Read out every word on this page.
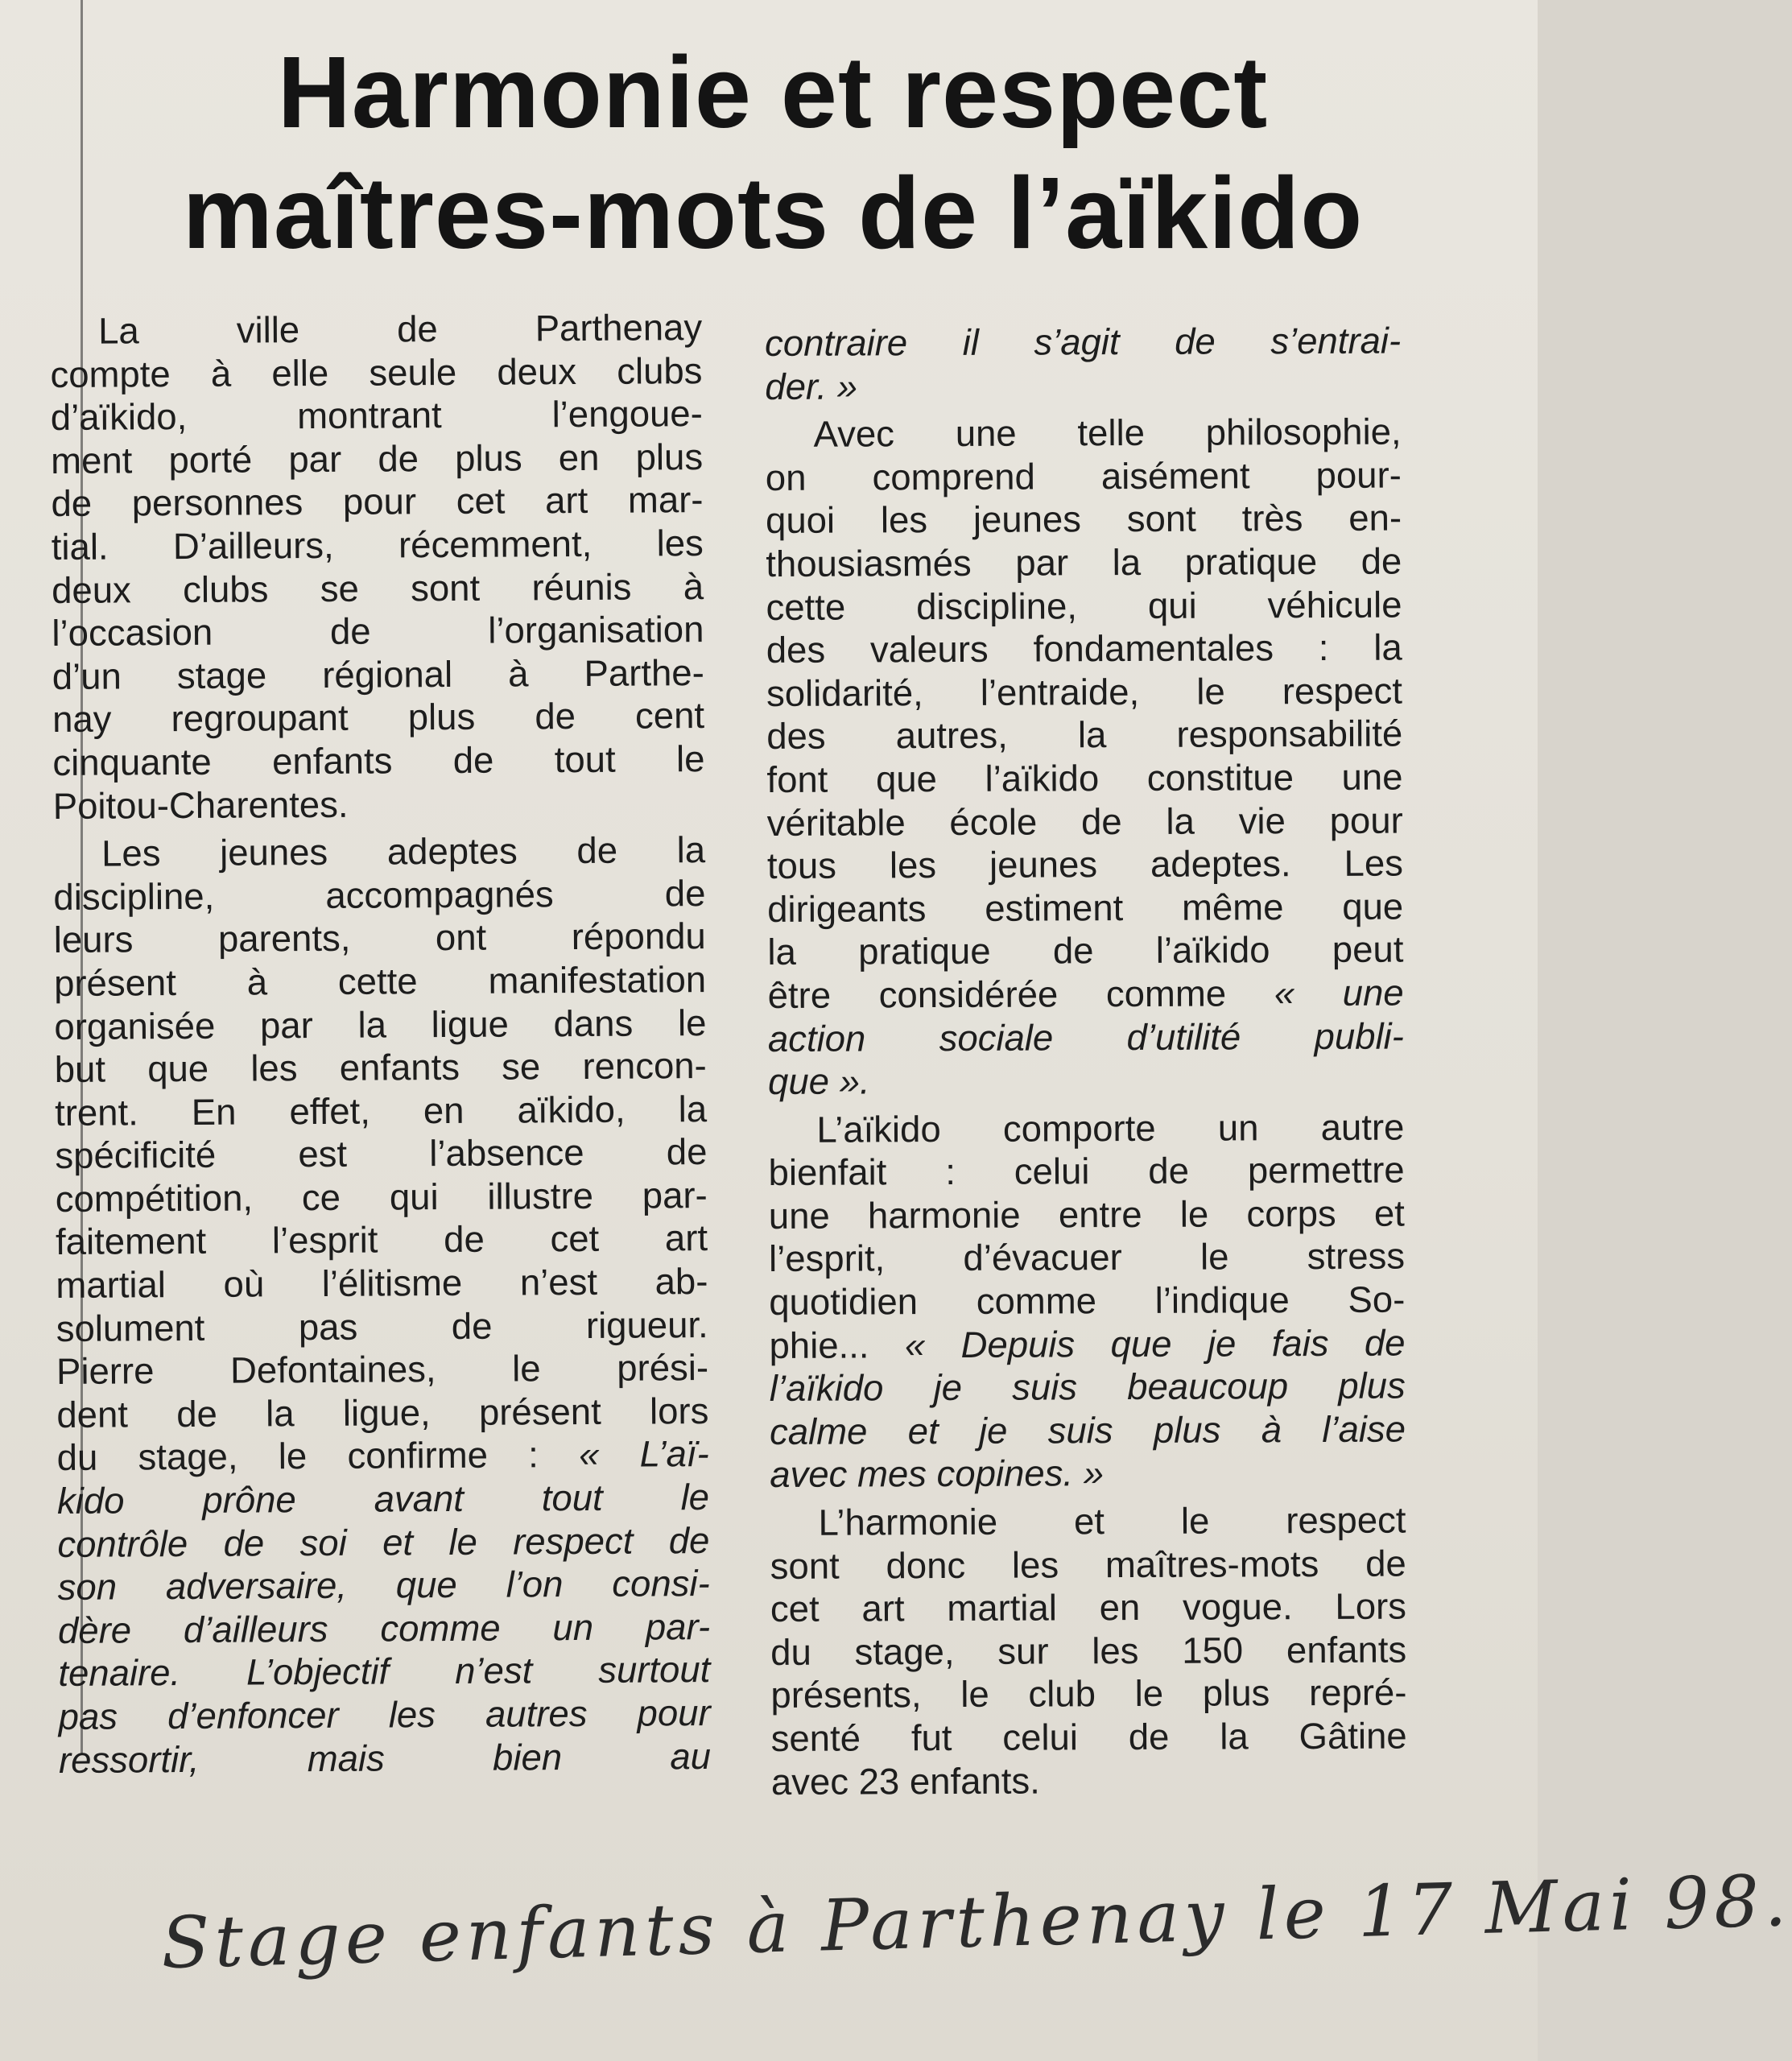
Harmonie et respect
maîtres-mots de l’aïkido

La ville de Parthenay
compte à elle seule deux clubs
d’aïkido, montrant l’engoue-
ment porté par de plus en plus
de personnes pour cet art mar-
tial. D’ailleurs, récemment, les
deux clubs se sont réunis à
l’occasion de l’organisation
d’un stage régional à Parthe-
nay regroupant plus de cent
cinquante enfants de tout le
Poitou-Charentes.

Les jeunes adeptes de la
discipline, accompagnés de
leurs parents, ont répondu
présent à cette manifestation
organisée par la ligue dans le
but que les enfants se rencon-
trent. En effet, en aïkido, la
spécificité est l’absence de
compétition, ce qui illustre par-
faitement l’esprit de cet art
martial où l’élitisme n’est ab-
solument pas de rigueur.
Pierre Defontaines, le prési-
dent de la ligue, présent lors
du stage, le confirme : « L’aï-
kido prône avant tout le
contrôle de soi et le respect de
son adversaire, que l’on consi-
dère d’ailleurs comme un par-
tenaire. L’objectif n’est surtout
pas d’enfoncer les autres pour
ressortir, mais bien au

contraire il s’agit de s’entrai-
der. »

Avec une telle philosophie,
on comprend aisément pour-
quoi les jeunes sont très en-
thousiasmés par la pratique de
cette discipline, qui véhicule
des valeurs fondamentales : la
solidarité, l’entraide, le respect
des autres, la responsabilité
font que l’aïkido constitue une
véritable école de la vie pour
tous les jeunes adeptes. Les
dirigeants estiment même que
la pratique de l’aïkido peut
être considérée comme « une
action sociale d’utilité publi-
que ».

L’aïkido comporte un autre
bienfait : celui de permettre
une harmonie entre le corps et
l’esprit, d’évacuer le stress
quotidien comme l’indique So-
phie... « Depuis que je fais de
l’aïkido je suis beaucoup plus
calme et je suis plus à l’aise
avec mes copines. »

L’harmonie et le respect
sont donc les maîtres-mots de
cet art martial en vogue. Lors
du stage, sur les 150 enfants
présents, le club le plus repré-
senté fut celui de la Gâtine
avec 23 enfants.

Stage enfants à Parthenay le 17 Mai 98.
